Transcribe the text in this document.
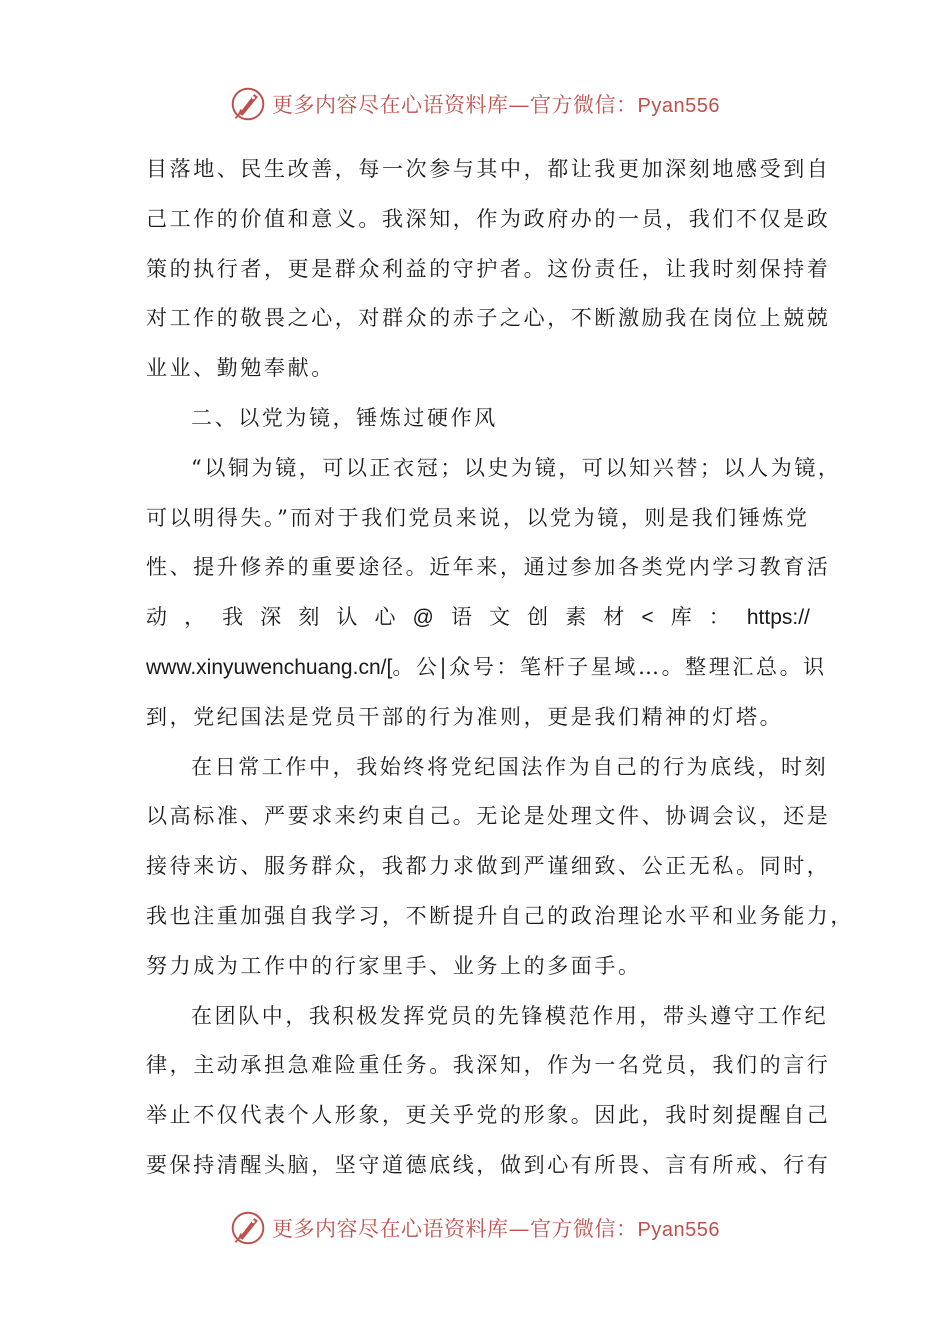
更多内容尽在心语资料库—官方微信：Pyan556
目落地、民生改善，每一次参与其中，都让我更加深刻地感受到自
己工作的价值和意义。我深知，作为政府办的一员，我们不仅是政
策的执行者，更是群众利益的守护者。这份责任，让我时刻保持着
对工作的敬畏之心，对群众的赤子之心，不断激励我在岗位上兢兢
业业、勤勉奉献。
二、以党为镜，锤炼过硬作风
“以铜为镜，可以正衣冠；以史为镜，可以知兴替；以人为镜，
可以明得失。”而对于我们党员来说，以党为镜，则是我们锤炼党
性、提升修养的重要途径。近年来，通过参加各类党内学习教育活
动 ， 我 深 刻 认 心 @ 语 文 创 素 材 < 库 ： https://
www.xinyuwenchuang.cn/[。公|众号：笔杆子星域…。整理汇总。识
到，党纪国法是党员干部的行为准则，更是我们精神的灯塔。
在日常工作中，我始终将党纪国法作为自己的行为底线，时刻
以高标准、严要求来约束自己。无论是处理文件、协调会议，还是
接待来访、服务群众，我都力求做到严谨细致、公正无私。同时，
我也注重加强自我学习，不断提升自己的政治理论水平和业务能力，
努力成为工作中的行家里手、业务上的多面手。
在团队中，我积极发挥党员的先锋模范作用，带头遵守工作纪
律，主动承担急难险重任务。我深知，作为一名党员，我们的言行
举止不仅代表个人形象，更关乎党的形象。因此，我时刻提醒自己
要保持清醒头脑，坚守道德底线，做到心有所畏、言有所戒、行有
更多内容尽在心语资料库—官方微信：Pyan556
